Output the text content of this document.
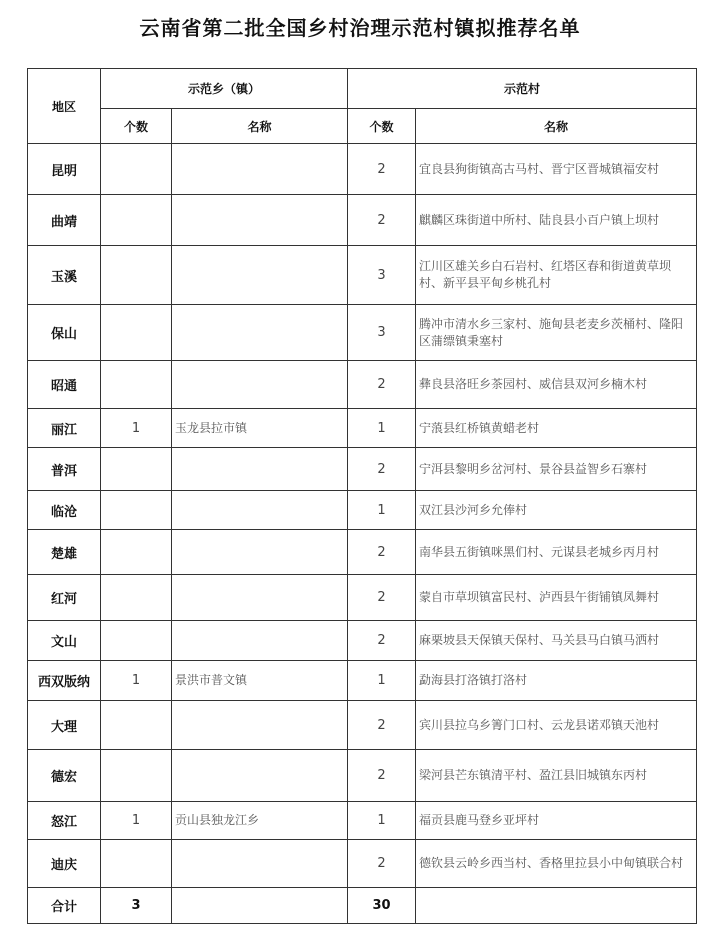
云南省第二批全国乡村治理示范村镇拟推荐名单
地区	示范乡（镇）		示范村	
	个数	名称	个数	名称
昆明			2	宜良县狗街镇高古马村、晋宁区晋城镇福安村
曲靖			2	麒麟区珠街道中所村、陆良县小百户镇上坝村
玉溪			3	江川区雄关乡白石岩村、红塔区春和街道黄草坝村、新平县平甸乡桃孔村
保山			3	腾冲市清水乡三家村、施甸县老麦乡茨桶村、隆阳区蒲缥镇秉塞村
昭通			2	彝良县洛旺乡茶园村、威信县双河乡楠木村
丽江	1	玉龙县拉市镇	1	宁蒗县红桥镇黄蜡老村
普洱			2	宁洱县黎明乡岔河村、景谷县益智乡石寨村
临沧			1	双江县沙河乡允俸村
楚雄			2	南华县五街镇咪黑们村、元谋县老城乡丙月村
红河			2	蒙自市草坝镇富民村、泸西县午街铺镇凤舞村
文山			2	麻栗坡县天保镇天保村、马关县马白镇马洒村
西双版纳	1	景洪市普文镇	1	勐海县打洛镇打洛村
大理			2	宾川县拉乌乡箐门口村、云龙县诺邓镇天池村
德宏			2	梁河县芒东镇清平村、盈江县旧城镇东丙村
怒江	1	贡山县独龙江乡	1	福贡县鹿马登乡亚坪村
迪庆			2	德钦县云岭乡西当村、香格里拉县小中甸镇联合村
合计	3		30	
